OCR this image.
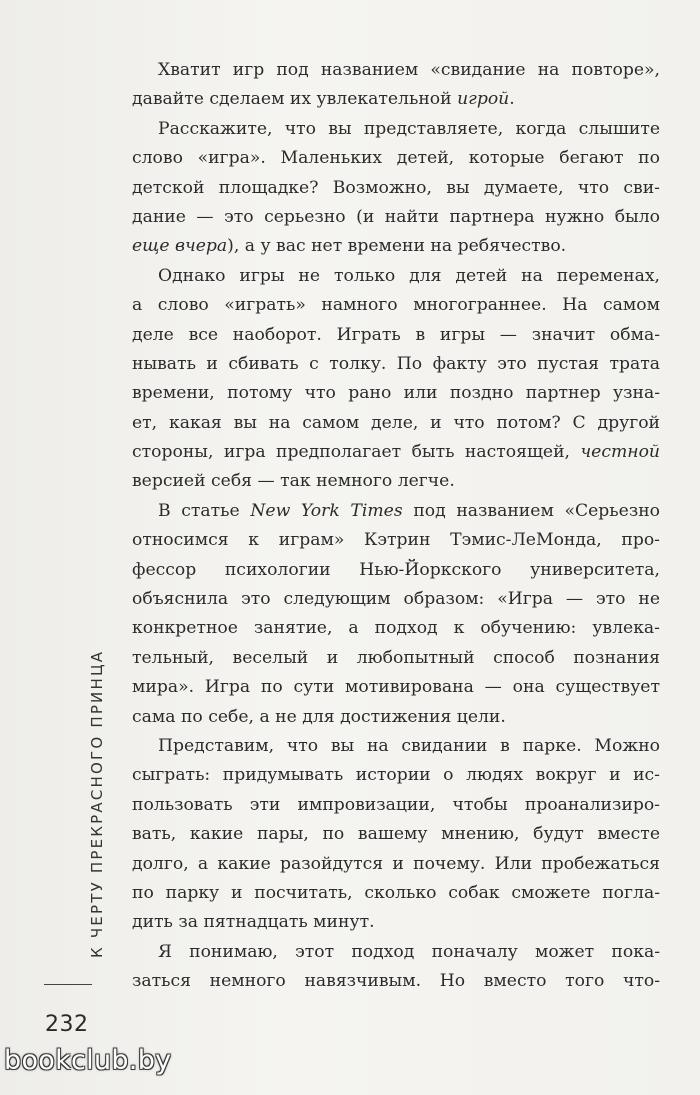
К ЧЕРТУ ПРЕКРАСНОГО ПРИНЦА
232
Хватит игр под названием «свидание на повторе»,
давайте сделаем их увлекательной игрой.
Расскажите, что вы представляете, когда слышите
слово «игра». Маленьких детей, которые бегают по
детской площадке? Возможно, вы думаете, что сви-
дание — это серьезно (и найти партнера нужно было
еще вчера), а у вас нет времени на ребячество.
Однако игры не только для детей на переменах,
а слово «играть» намного многограннее. На самом
деле все наоборот. Играть в игры — значит обма-
нывать и сбивать с толку. По факту это пустая трата
времени, потому что рано или поздно партнер узна-
ет, какая вы на самом деле, и что потом? С другой
стороны, игра предполагает быть настоящей, честной
версией себя — так немного легче.
В статье New York Times под названием «Серьезно
относимся к играм» Кэтрин Тэмис-ЛеМонда, про-
фессор психологии Нью-Йоркского университета,
объяснила это следующим образом: «Игра — это не
конкретное занятие, а подход к обучению: увлека-
тельный, веселый и любопытный способ познания
мира». Игра по сути мотивирована — она существует
сама по себе, а не для достижения цели.
Представим, что вы на свидании в парке. Можно
сыграть: придумывать истории о людях вокруг и ис-
пользовать эти импровизации, чтобы проанализиро-
вать, какие пары, по вашему мнению, будут вместе
долго, а какие разойдутся и почему. Или пробежаться
по парку и посчитать, сколько собак сможете погла-
дить за пятнадцать минут.
Я понимаю, этот подход поначалу может пока-
заться немного навязчивым. Но вместо того что-
bookclub.by
